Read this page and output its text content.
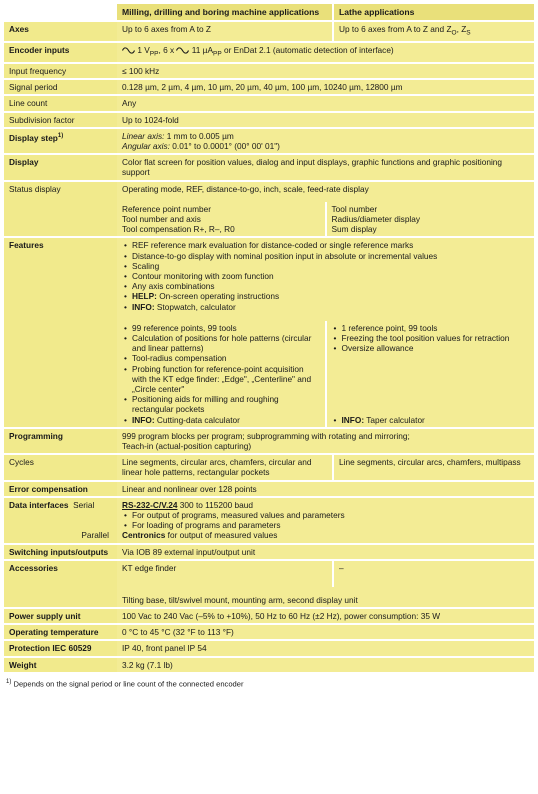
Milling, drilling and boring machine applications	Lathe applications

Axes		Up to 6 axes from A to Z	Up to 6 axes from A to Z and $Z_O$, $Z_S$

Encoder inputs	1 $V_{PP}$, 6 x 11 µA$_{PP}$ or EnDat 2.1 (automatic detection of interface)
Input frequency	≤ 100 kHz
Signal period	0.128 µm, 2 µm, 4 µm, 10 µm, 20 µm, 40 µm, 100 µm, 10240 µm, 12800 µm
Line count	Any
Subdivision factor	Up to 1024-fold
Display step$^{1)}$	Linear axis: 1 mm to 0.005 µm
Angular axis: 0.01° to 0.0001° (00° 00' 01")

Display	Color flat screen for position values, dialog and input displays, graphic functions and graphic positioning support
Status display		Operating mode, REF, distance-to-go, inch, scale, feed-rate display

Reference point number
Tool number and axis
Tool compensation R+, R–, R0

Tool number
Radius/diameter display
Sum display

Features	
•	REF reference mark evaluation for distance-coded or single reference marks
• Distance-to-go display with nominal position input in absolute or incremental values
• Scaling
• Contour monitoring with zoom function
• Any axis combinations
• HELP: On-screen operating instructions
• INFO: Stopwatch, calculator

• 99 reference points, 99 tools
• Calculation of positions for hole patterns (circular and linear patterns)
• Tool-radius compensation
• Probing function for reference-point acquisition with the KT edge finder: „Edge", „Centerline" and „Circle center"
• Positioning aids for milling and roughing rectangular pockets
• INFO: Cutting-data calculator

• 1 reference point, 99 tools
• Freezing the tool position values for retraction
• Oversize allowance
• INFO: Taper calculator

Programming	999 program blocks per program; subprogramming with rotating and mirroring;
Teach-in (actual-position capturing)

Cycles		Line segments, circular arcs, chamfers, circular and linear hole patterns, rectangular pockets	Line segments, circular arcs, chamfers, multipass

Error compensation	Linear and nonlinear over 128 points

Data interfaces Serial
Parallel

RS-232-C/V.24 300 to 115200 baud
• For output of programs, measured values and parameters
• For loading of programs and parameters
Centronics for output of measured values

Switching inputs/outputs	Via IOB 89 external input/output unit
Accessories		KT edge finder	–

Tilting base, tilt/swivel mount, mounting arm, second display unit

Power supply unit	100 Vac to 240 Vac (–5% to +10%), 50 Hz to 60 Hz (±2 Hz), power consumption: 35 W
Operating temperature	0 °C to 45 °C (32 °F to 113 °F)
Protection IEC 60529	IP 40, front panel IP 54
Weight	3.2 kg (7.1 lb)
$^{1)}$ Depends on the signal period or line count of the connected encoder
